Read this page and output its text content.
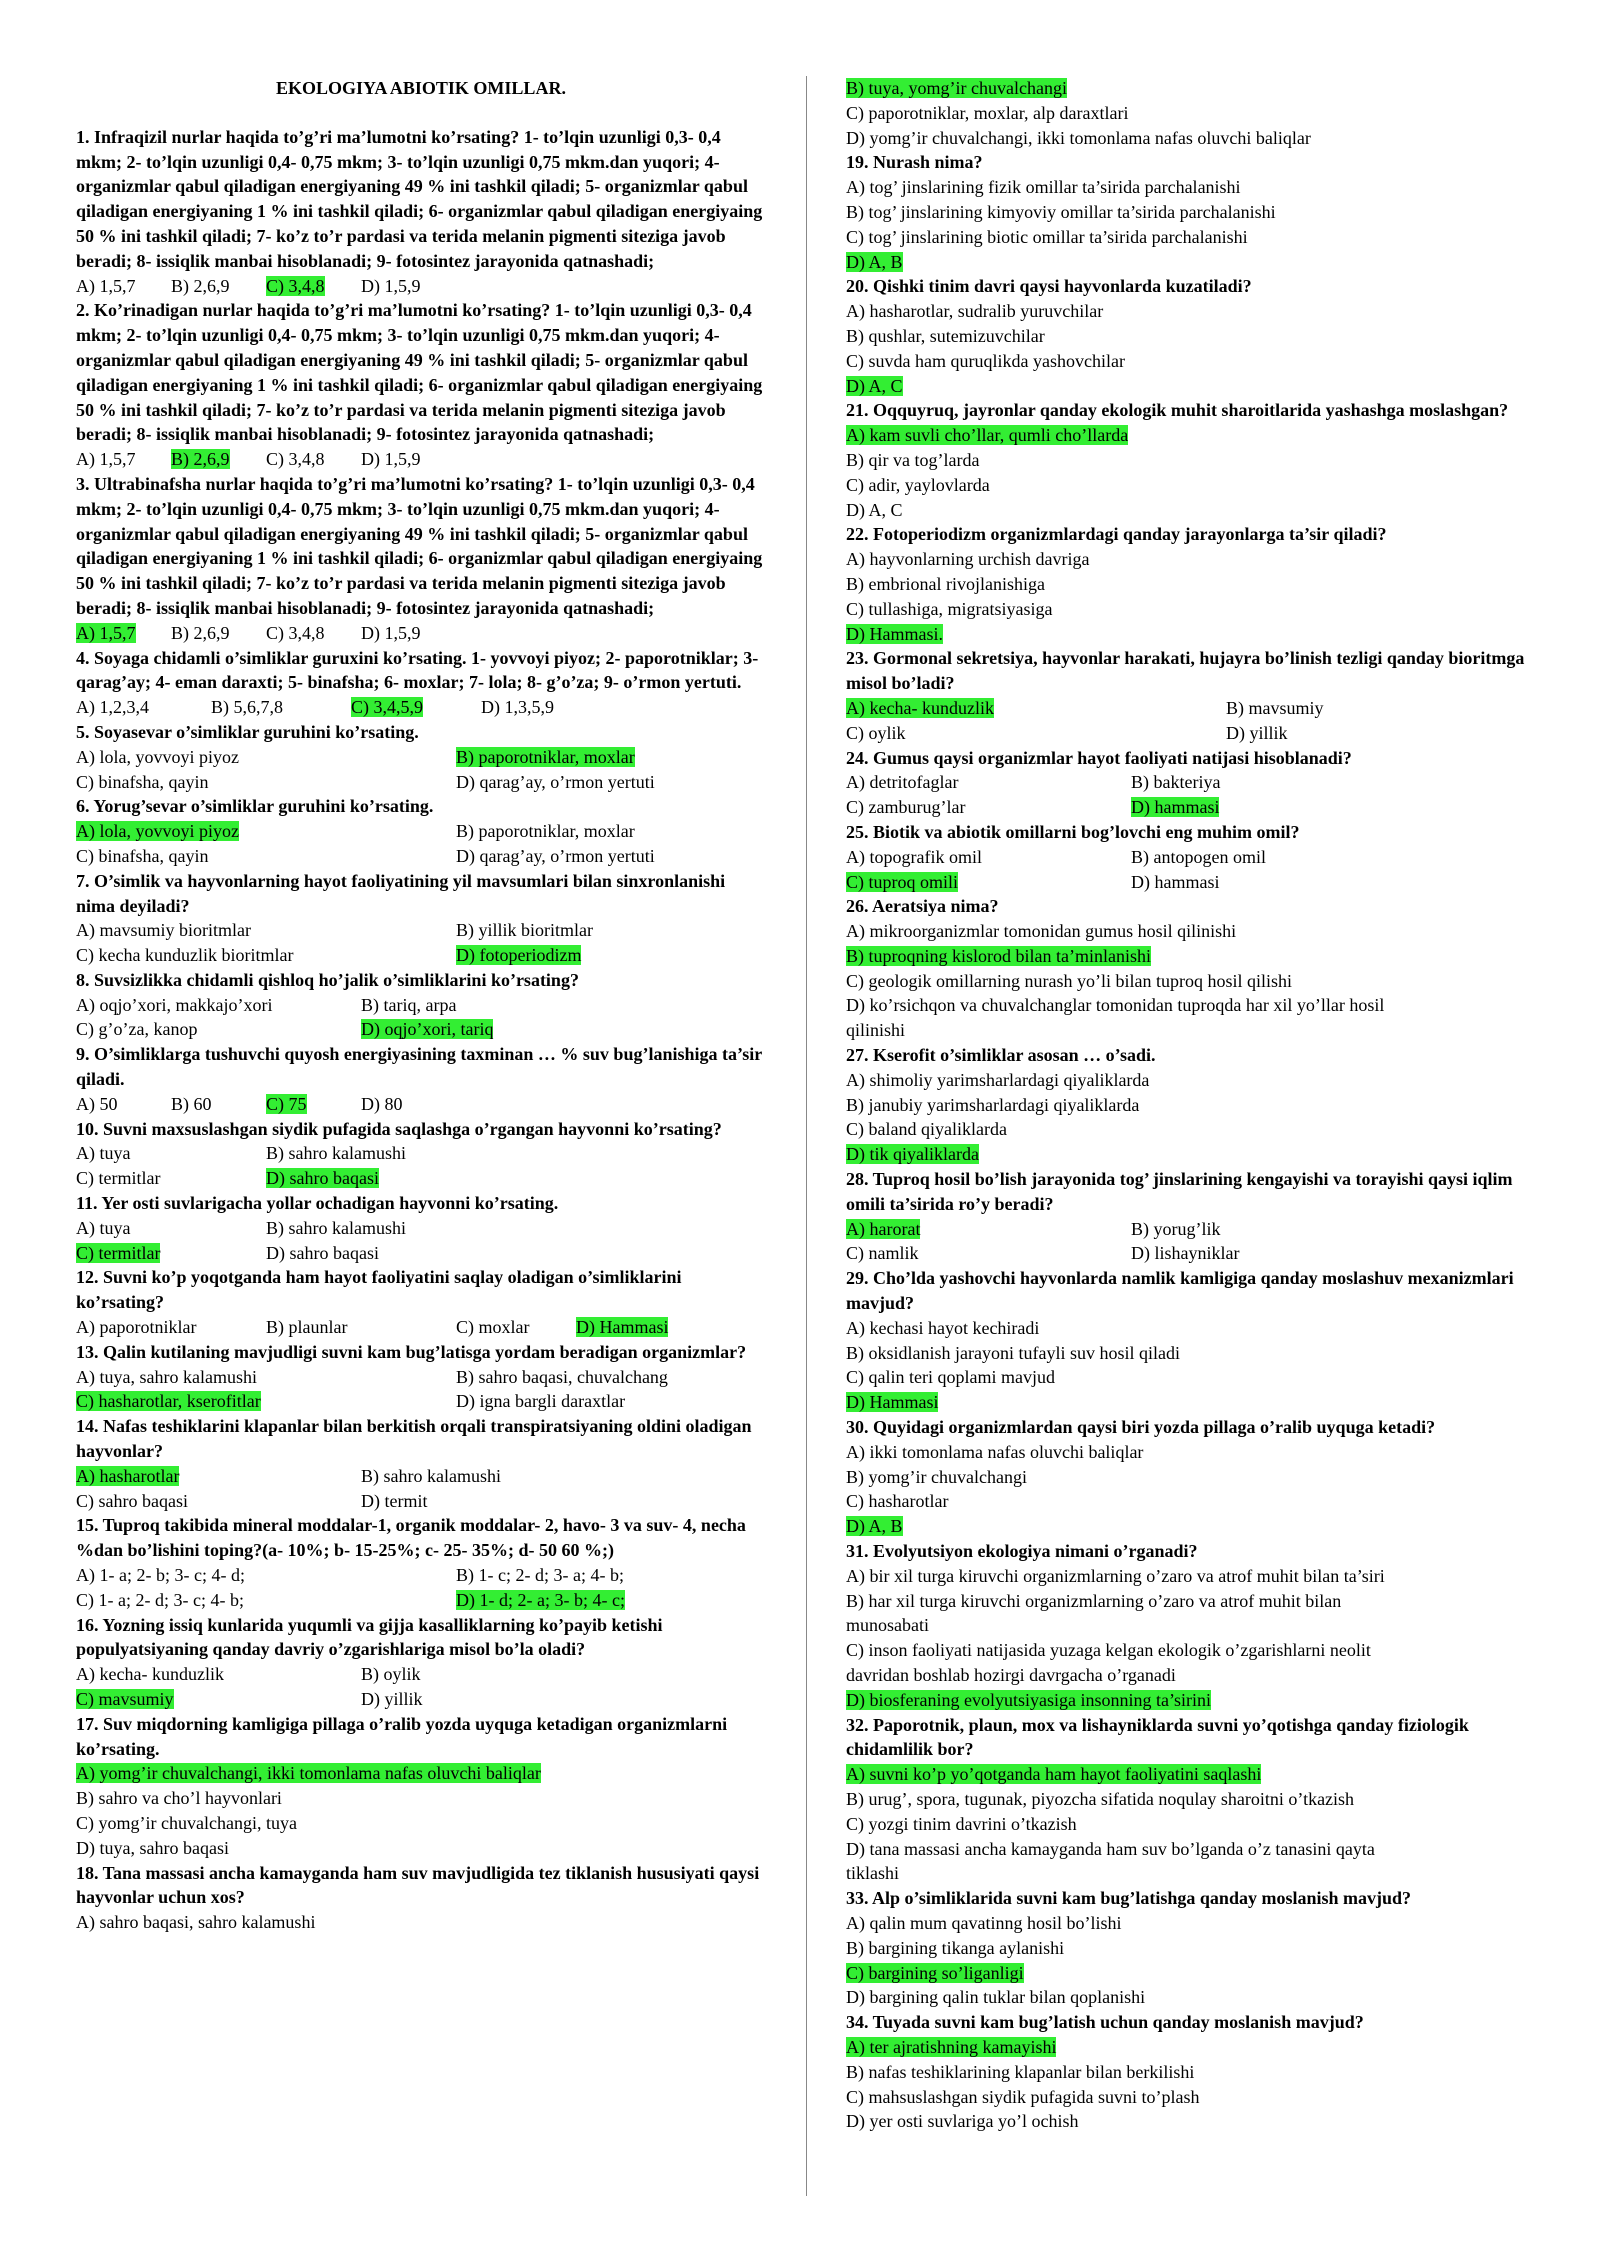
EKOLOGIYA ABIOTIK OMILLAR.
1. Infraqizil nurlar haqida to’g’ri ma’lumotni ko’rsating? 1- to’lqin uzunligi 0,3- 0,4 mkm; 2- to’lqin uzunligi 0,4- 0,75 mkm; 3- to’lqin uzunligi 0,75 mkm.dan yuqori; 4- organizmlar qabul qiladigan energiyaning 49 % ini tashkil qiladi; 5- organizmlar qabul qiladigan energiyaning 1 % ini tashkil qiladi; 6- organizmlar qabul qiladigan energiyaing 50 % ini tashkil qiladi; 7- ko’z to’r pardasi va terida melanin pigmenti siteziga javob beradi; 8- issiqlik manbai hisoblanadi; 9- fotosintez jarayonida qatnashadi;
A) 1,5,7	B) 2,6,9	C) 3,4,8	D) 1,5,9
2. Ko’rinadigan nurlar haqida to’g’ri ma’lumotni ko’rsating? 1- to’lqin uzunligi 0,3- 0,4 mkm; 2- to’lqin uzunligi 0,4- 0,75 mkm; 3- to’lqin uzunligi 0,75 mkm.dan yuqori; 4- organizmlar qabul qiladigan energiyaning 49 % ini tashkil qiladi; 5- organizmlar qabul qiladigan energiyaning 1 % ini tashkil qiladi; 6- organizmlar qabul qiladigan energiyaing 50 % ini tashkil qiladi; 7- ko’z to’r pardasi va terida melanin pigmenti siteziga javob beradi; 8- issiqlik manbai hisoblanadi; 9- fotosintez jarayonida qatnashadi;
A) 1,5,7	B) 2,6,9	C) 3,4,8	D) 1,5,9
3. Ultrabinafsha nurlar haqida to’g’ri ma’lumotni ko’rsating? 1- to’lqin uzunligi 0,3- 0,4 mkm; 2- to’lqin uzunligi 0,4- 0,75 mkm; 3- to’lqin uzunligi 0,75 mkm.dan yuqori; 4- organizmlar qabul qiladigan energiyaning 49 % ini tashkil qiladi; 5- organizmlar qabul qiladigan energiyaning 1 % ini tashkil qiladi; 6- organizmlar qabul qiladigan energiyaing 50 % ini tashkil qiladi; 7- ko’z to’r pardasi va terida melanin pigmenti siteziga javob beradi; 8- issiqlik manbai hisoblanadi; 9- fotosintez jarayonida qatnashadi;
A) 1,5,7	B) 2,6,9	C) 3,4,8	D) 1,5,9
4. Soyaga chidamli o’simliklar guruxini ko’rsating. 1- yovvoyi piyoz; 2- paporotniklar; 3- qarag’ay; 4- eman daraxti; 5- binafsha; 6- moxlar; 7- lola; 8- g’o’za; 9- o’rmon yertuti.
A) 1,2,3,4	B) 5,6,7,8	C) 3,4,5,9	D) 1,3,5,9
5. Soyasevar o’simliklar guruhini ko’rsating.
A) lola, yovvoyi piyoz	B) paporotniklar, moxlar
C) binafsha, qayin	D) qarag’ay, o’rmon yertuti
6. Yorug’sevar o’simliklar guruhini ko’rsating.
A) lola, yovvoyi piyoz	B) paporotniklar, moxlar
C) binafsha, qayin	D) qarag’ay, o’rmon yertuti
7. O’simlik va hayvonlarning hayot faoliyatining yil mavsumlari bilan sinxronlanishi nima deyiladi?
A) mavsumiy bioritmlar	B) yillik bioritmlar
C) kecha kunduzlik bioritmlar	D) fotoperiodizm
8. Suvsizlikka chidamli qishloq ho’jalik o’simliklarini ko’rsating?
A) oqjo’xori, makkajo’xori	B) tariq, arpa
C) g’o’za, kanop	D) oqjo’xori, tariq
9. O’simliklarga tushuvchi quyosh energiyasining taxminan … % suv bug’lanishiga ta’sir qiladi.
A) 50	B) 60	C) 75	D) 80
10. Suvni maxsuslashgan siydik pufagida saqlashga o’rgangan hayvonni ko’rsating?
A) tuya	B) sahro kalamushi
C) termitlar	D) sahro baqasi
11. Yer osti suvlarigacha yollar ochadigan hayvonni ko’rsating.
A) tuya	B) sahro kalamushi
C) termitlar	D) sahro baqasi
12. Suvni ko’p yoqotganda ham hayot faoliyatini saqlay oladigan o’simliklarini ko’rsating?
A) paporotniklar	B) plaunlar	C) moxlar	D) Hammasi
13. Qalin kutilaning mavjudligi suvni kam bug’latisga yordam beradigan organizmlar?
A) tuya, sahro kalamushi	B) sahro baqasi, chuvalchang
C) hasharotlar, kserofitlar	D) igna bargli daraxtlar
14. Nafas teshiklarini klapanlar bilan berkitish orqali transpiratsiyaning oldini oladigan hayvonlar?
A) hasharotlar	B) sahro kalamushi
C) sahro baqasi	D) termit
15. Tuproq takibida mineral moddalar-1, organik moddalar- 2, havo- 3 va suv- 4, necha %dan bo’lishini toping?(a- 10%; b- 15-25%; c- 25- 35%; d- 50 60 %;)
A) 1- a; 2- b; 3- c; 4- d;	B) 1- c; 2- d; 3- a; 4- b;
C) 1- a; 2- d; 3- c; 4- b;	D) 1- d; 2- a; 3- b; 4- c;
16. Yozning issiq kunlarida yuqumli va gijja kasalliklarning ko’payib ketishi populyatsiyaning qanday davriy o’zgarishlariga misol bo’la oladi?
A) kecha- kunduzlik	B) oylik
C) mavsumiy	D) yillik
17. Suv miqdorning kamligiga pillaga o’ralib yozda uyquga ketadigan organizmlarni ko’rsating.
A) yomg’ir chuvalchangi, ikki tomonlama nafas oluvchi baliqlar
B) sahro va cho’l hayvonlari
C) yomg’ir chuvalchangi, tuya
D) tuya, sahro baqasi
18. Tana massasi ancha kamayganda ham suv mavjudligida tez tiklanish hususiyati qaysi hayvonlar uchun xos?
A) sahro baqasi, sahro kalamushi
B) tuya, yomg’ir chuvalchangi
C) paporotniklar, moxlar, alp daraxtlari
D) yomg’ir chuvalchangi, ikki tomonlama nafas oluvchi baliqlar
19. Nurash nima?
A) tog’ jinslarining fizik omillar ta’sirida parchalanishi
B) tog’ jinslarining kimyoviy omillar ta’sirida parchalanishi
C) tog’ jinslarining biotic omillar ta’sirida parchalanishi
D) A, B
20. Qishki tinim davri qaysi hayvonlarda kuzatiladi?
A) hasharotlar, sudralib yuruvchilar
B) qushlar, sutemizuvchilar
C) suvda ham quruqlikda yashovchilar
D) A, C
21. Oqquyruq, jayronlar qanday ekologik muhit sharoitlarida yashashga moslashgan?
A) kam suvli cho’llar, qumli cho’llarda
B) qir va tog’larda
C) adir, yaylovlarda
D) A, C
22. Fotoperiodizm organizmlardagi qanday jarayonlarga ta’sir qiladi?
A) hayvonlarning urchish davriga
B) embrional rivojlanishiga
C) tullashiga, migratsiyasiga
D) Hammasi.
23. Gormonal sekretsiya, hayvonlar harakati, hujayra bo’linish tezligi qanday bioritmga misol bo’ladi?
A) kecha- kunduzlik	B) mavsumiy
C) oylik	D) yillik
24. Gumus qaysi organizmlar hayot faoliyati natijasi hisoblanadi?
A) detritofaglar	B) bakteriya
C) zamburug’lar	D) hammasi
25. Biotik va abiotik omillarni bog’lovchi eng muhim omil?
A) topografik omil	B) antopogen omil
C) tuproq omili	D) hammasi
26. Aeratsiya nima?
A) mikroorganizmlar tomonidan gumus hosil qilinishi
B) tuproqning kislorod bilan ta’minlanishi
C) geologik omillarning nurash yo’li bilan tuproq hosil qilishi
D) ko’rsichqon va chuvalchanglar tomonidan tuproqda har xil yo’llar hosil
qilinishi
27. Kserofit o’simliklar asosan … o’sadi.
A) shimoliy yarimsharlardagi qiyaliklarda
B) janubiy yarimsharlardagi qiyaliklarda
C) baland qiyaliklarda
D) tik qiyaliklarda
28. Tuproq hosil bo’lish jarayonida tog’ jinslarining kengayishi va torayishi qaysi iqlim omili ta’sirida ro’y beradi?
A) harorat	B) yorug’lik
C) namlik	D) lishayniklar
29. Cho’lda yashovchi hayvonlarda namlik kamligiga qanday moslashuv mexanizmlari mavjud?
A) kechasi hayot kechiradi
B) oksidlanish jarayoni tufayli suv hosil qiladi
C) qalin teri qoplami mavjud
D) Hammasi
30. Quyidagi organizmlardan qaysi biri yozda pillaga o’ralib uyquga ketadi?
A) ikki tomonlama nafas oluvchi baliqlar
B) yomg’ir chuvalchangi
C) hasharotlar
D) A, B
31. Evolyutsiyon ekologiya nimani o’rganadi?
A) bir xil turga kiruvchi organizmlarning o’zaro va atrof muhit bilan ta’siri
B) har xil turga kiruvchi organizmlarning o’zaro va atrof muhit bilan
munosabati
C) inson faoliyati natijasida yuzaga kelgan ekologik o’zgarishlarni neolit
davridan boshlab hozirgi davrgacha o’rganadi
D) biosferaning evolyutsiyasiga insonning ta’sirini
32. Paporotnik, plaun, mox va lishayniklarda suvni yo’qotishga qanday fiziologik chidamlilik bor?
A) suvni ko’p yo’qotganda ham hayot faoliyatini saqlashi
B) urug’, spora, tugunak, piyozcha sifatida noqulay sharoitni o’tkazish
C) yozgi tinim davrini o’tkazish
D) tana massasi ancha kamayganda ham suv bo’lganda o’z tanasini qayta
tiklashi
33. Alp o’simliklarida suvni kam bug’latishga qanday moslanish mavjud?
A) qalin mum qavatinng hosil bo’lishi
B) bargining tikanga aylanishi
C) bargining so’liganligi
D) bargining qalin tuklar bilan qoplanishi
34. Tuyada suvni kam bug’latish uchun qanday moslanish mavjud?
A) ter ajratishning kamayishi
B) nafas teshiklarining klapanlar bilan berkilishi
C) mahsuslashgan siydik pufagida suvni to’plash
D) yer osti suvlariga yo’l ochish
